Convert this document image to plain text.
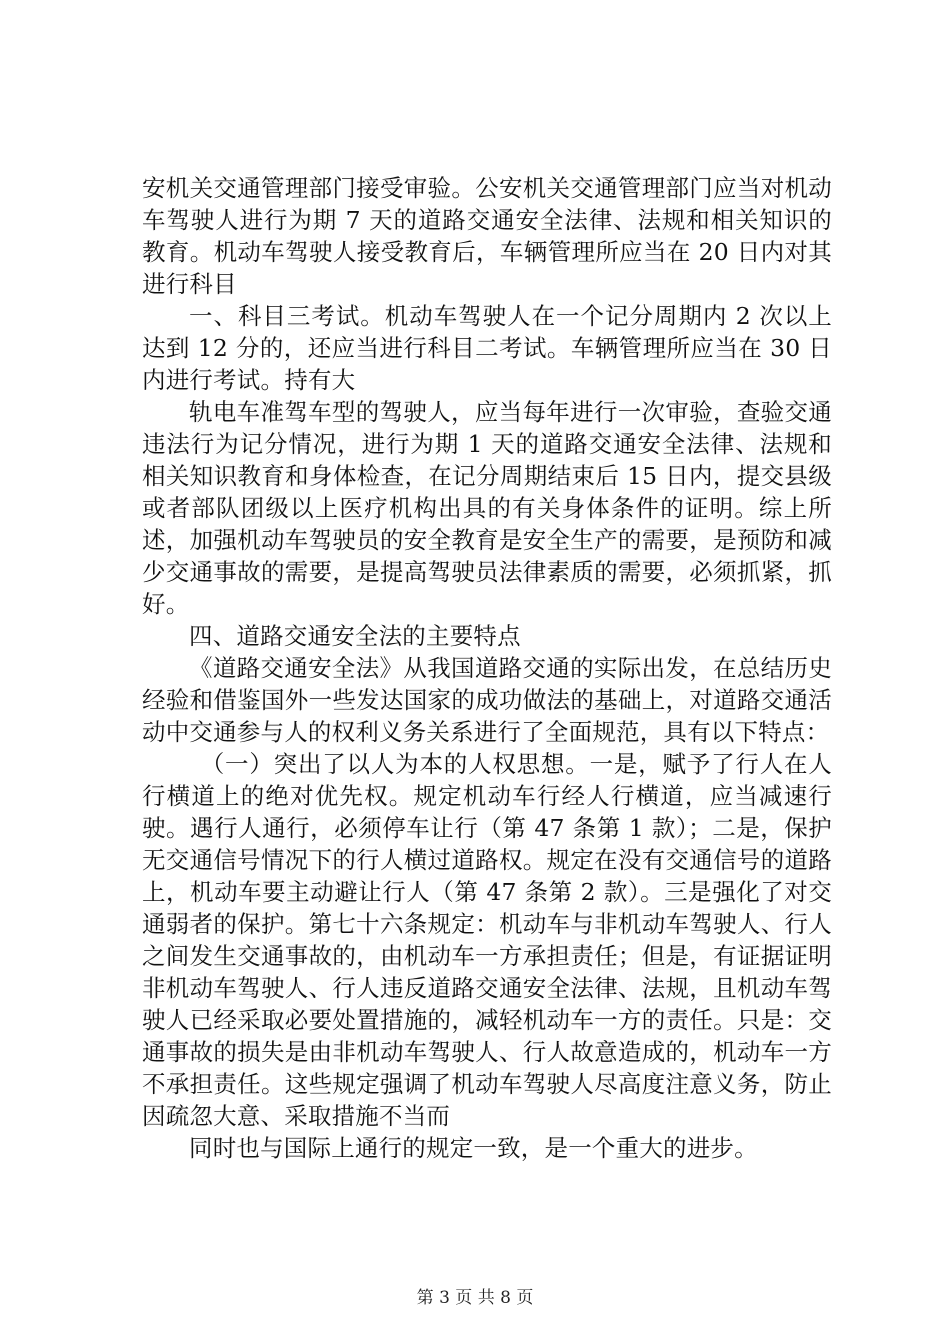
安机关交通管理部门接受审验。公安机关交通管理部门应当对机动车驾驶人进行为期 7 天的道路交通安全法律、法规和相关知识的教育。机动车驾驶人接受教育后，车辆管理所应当在 20 日内对其进行科目

一、科目三考试。机动车驾驶人在一个记分周期内 2 次以上达到 12 分的，还应当进行科目二考试。车辆管理所应当在 30 日内进行考试。持有大

轨电车准驾车型的驾驶人，应当每年进行一次审验，查验交通违法行为记分情况，进行为期 1 天的道路交通安全法律、法规和相关知识教育和身体检查，在记分周期结束后 15 日内，提交县级或者部队团级以上医疗机构出具的有关身体条件的证明。综上所述，加强机动车驾驶员的安全教育是安全生产的需要，是预防和减少交通事故的需要，是提高驾驶员法律素质的需要，必须抓紧，抓好。

四、道路交通安全法的主要特点

《道路交通安全法》从我国道路交通的实际出发，在总结历史经验和借鉴国外一些发达国家的成功做法的基础上，对道路交通活动中交通参与人的权利义务关系进行了全面规范，具有以下特点：

（一）突出了以人为本的人权思想。一是，赋予了行人在人行横道上的绝对优先权。规定机动车行经人行横道，应当减速行驶。遇行人通行，必须停车让行（第 47 条第 1 款）；二是，保护无交通信号情况下的行人横过道路权。规定在没有交通信号的道路上，机动车要主动避让行人（第 47 条第 2 款）。三是强化了对交通弱者的保护。第七十六条规定：机动车与非机动车驾驶人、行人之间发生交通事故的，由机动车一方承担责任；但是，有证据证明非机动车驾驶人、行人违反道路交通安全法律、法规，且机动车驾驶人已经采取必要处置措施的，减轻机动车一方的责任。只是：交通事故的损失是由非机动车驾驶人、行人故意造成的，机动车一方不承担责任。这些规定强调了机动车驾驶人尽高度注意义务，防止因疏忽大意、采取措施不当而

同时也与国际上通行的规定一致，是一个重大的进步。

第 3 页 共 8 页
